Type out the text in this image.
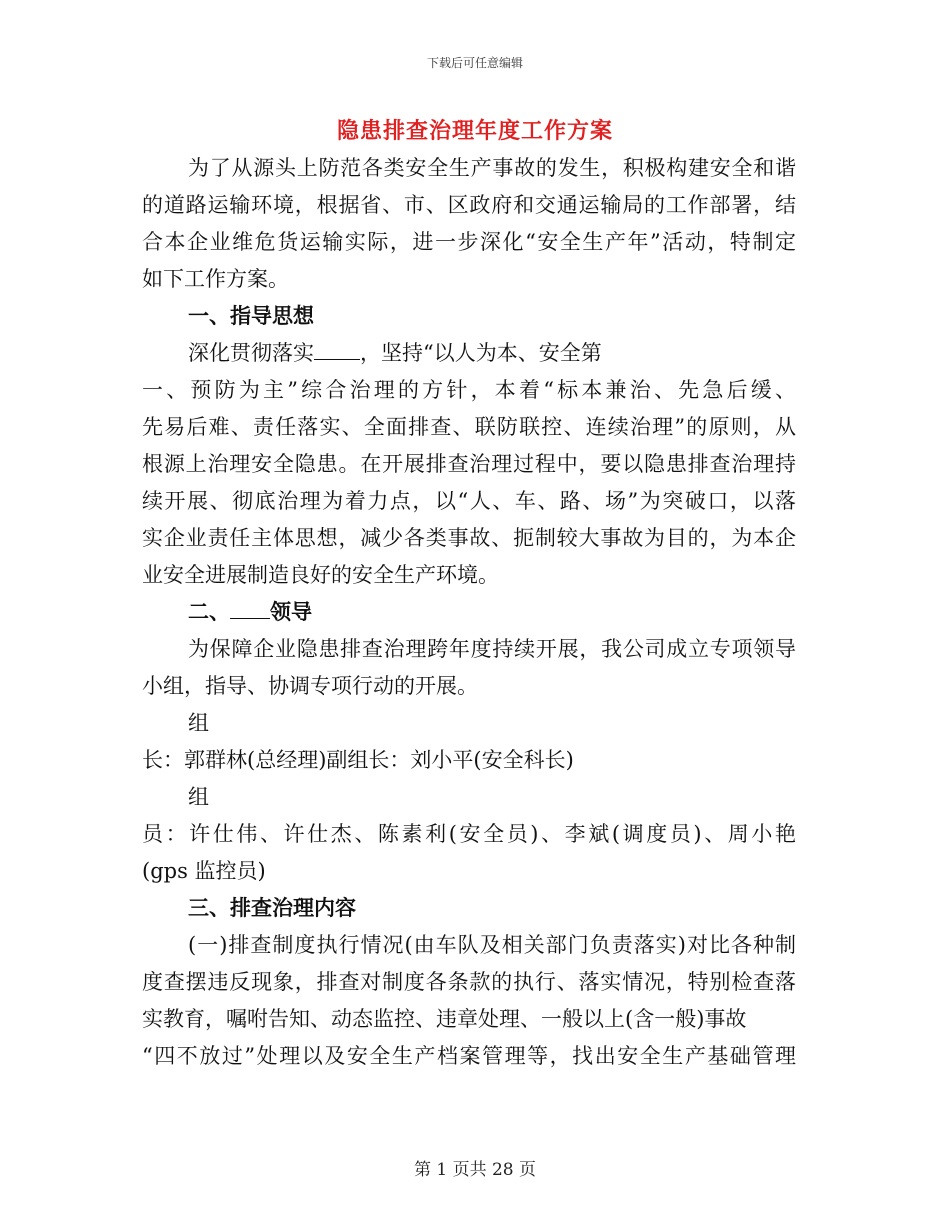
下载后可任意编辑
隐患排查治理年度工作方案
为了从源头上防范各类安全生产事故的发生，积极构建安全和谐
的道路运输环境，根据省、市、区政府和交通运输局的工作部署，结
合本企业维危货运输实际，进一步深化“安全生产年”活动，特制定
如下工作方案。
一、指导思想
深化贯彻落实 ，坚持“以人为本、安全第
一、预防为主”综合治理的方针，本着“标本兼治、先急后缓、
先易后难、责任落实、全面排查、联防联控、连续治理”的原则，从
根源上治理安全隐患。在开展排查治理过程中，要以隐患排查治理持
续开展、彻底治理为着力点，以“人、车、路、场”为突破口，以落
实企业责任主体思想，减少各类事故、扼制较大事故为目的，为本企
业安全进展制造良好的安全生产环境。
二、 领导
为保障企业隐患排查治理跨年度持续开展，我公司成立专项领导
小组，指导、协调专项行动的开展。
组
长：郭群林(总经理)副组长：刘小平(安全科长)
组
员：许仕伟、许仕杰、陈素利(安全员)、李斌(调度员)、周小艳
(gps 监控员)
三、排查治理内容
(一)排查制度执行情况(由车队及相关部门负责落实)对比各种制
度查摆违反现象，排查对制度各条款的执行、落实情况，特别检查落
实教育，嘱咐告知、动态监控、违章处理、一般以上(含一般)事故
“四不放过”处理以及安全生产档案管理等，找出安全生产基础管理
第 1 页共 28 页
